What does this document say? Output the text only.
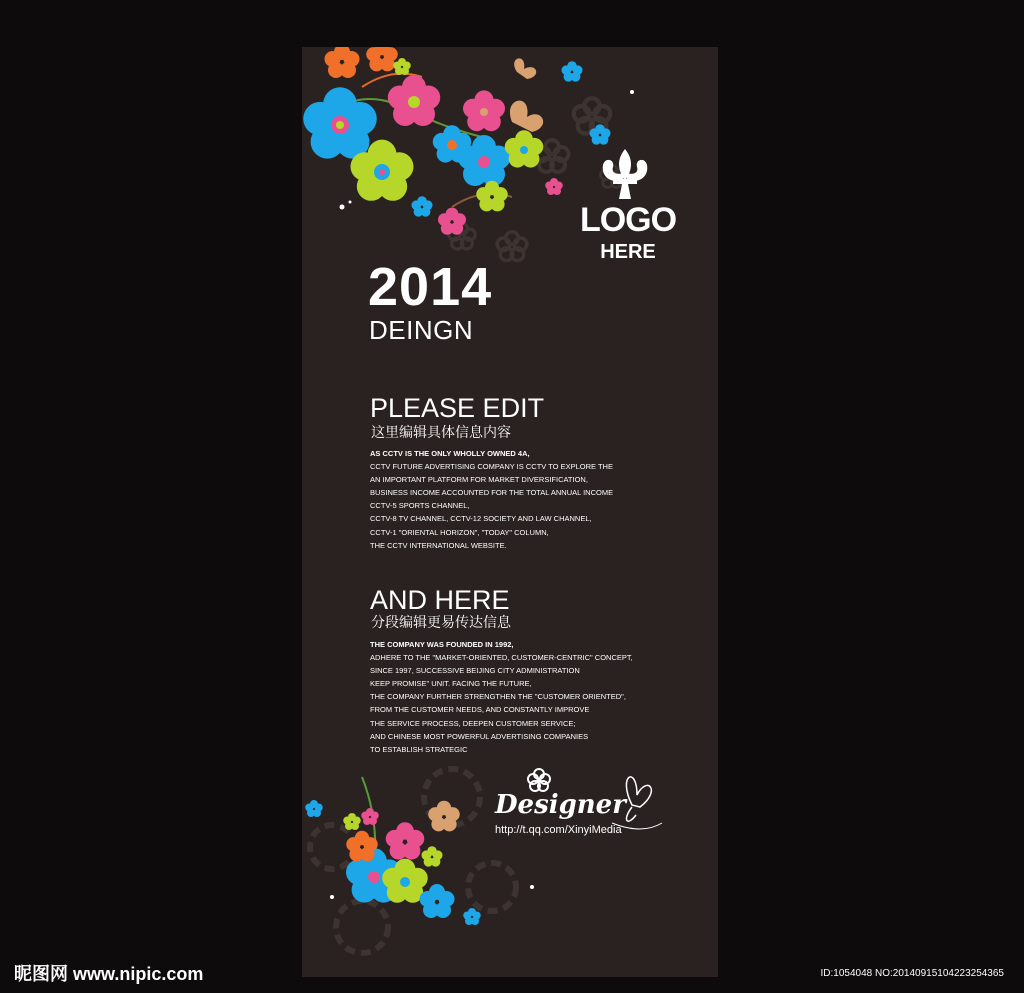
LOGO
HERE
2014
DEINGN
PLEASE EDIT
这里编辑具体信息内容
AS CCTV IS THE ONLY WHOLLY OWNED 4A,
CCTV FUTURE ADVERTISING COMPANY IS CCTV TO EXPLORE THE
AN IMPORTANT PLATFORM FOR MARKET DIVERSIFICATION,
BUSINESS INCOME ACCOUNTED FOR THE TOTAL ANNUAL INCOME
CCTV-5 SPORTS CHANNEL,
CCTV-8 TV CHANNEL, CCTV-12 SOCIETY AND LAW CHANNEL,
CCTV-1 "ORIENTAL HORIZON", "TODAY" COLUMN,
THE CCTV INTERNATIONAL WEBSITE.
AND HERE
分段编辑更易传达信息
THE COMPANY WAS FOUNDED IN 1992,
ADHERE TO THE "MARKET-ORIENTED, CUSTOMER-CENTRIC" CONCEPT,
SINCE 1997, SUCCESSIVE BEIJING CITY ADMINISTRATION
KEEP PROMISE" UNIT. FACING THE FUTURE,
THE COMPANY FURTHER STRENGTHEN THE "CUSTOMER ORIENTED",
FROM THE CUSTOMER NEEDS, AND CONSTANTLY IMPROVE
THE SERVICE PROCESS, DEEPEN CUSTOMER SERVICE;
AND CHINESE MOST POWERFUL ADVERTISING COMPANIES
TO ESTABLISH STRATEGIC
Designer
http://t.qq.com/XinyiMedia
昵图网 www.nipic.com	ID:1054048 NO:20140915104223254365
